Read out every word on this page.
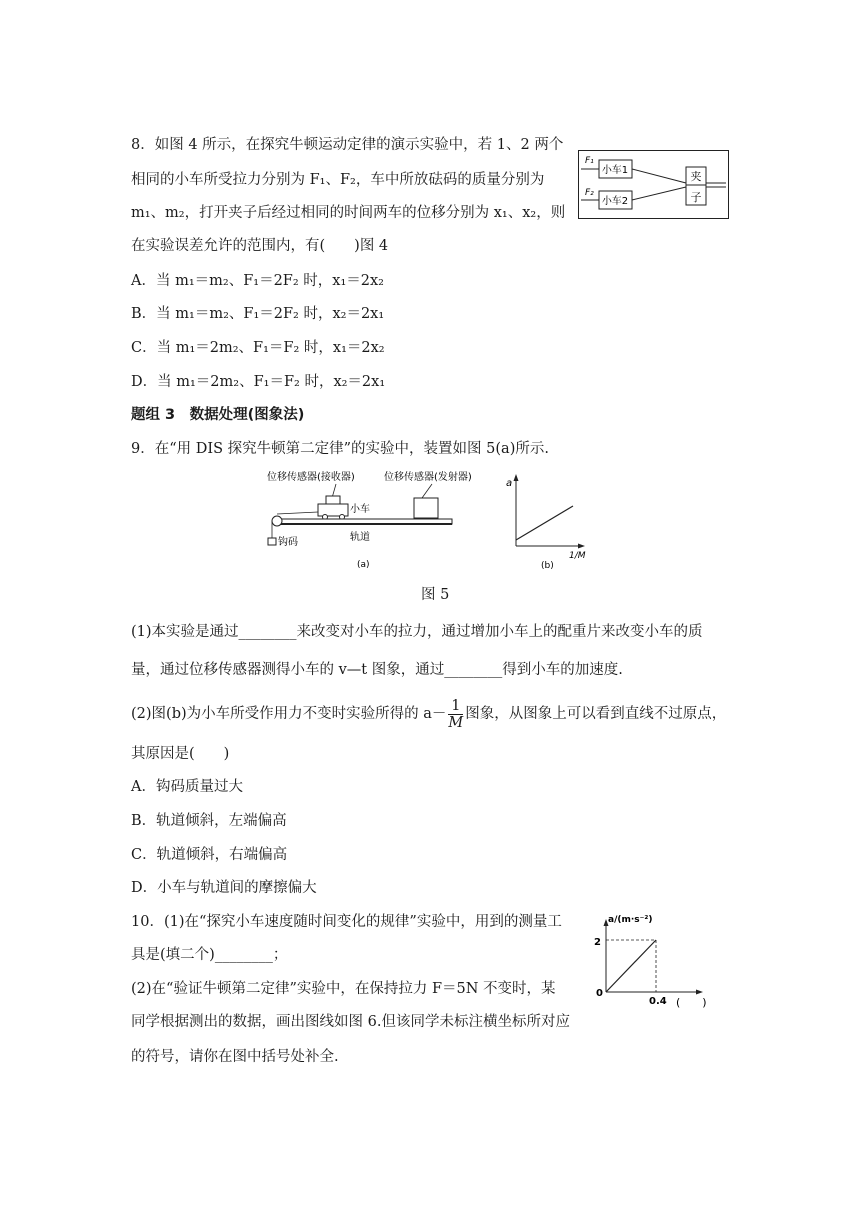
8．如图 4 所示，在探究牛顿运动定律的演示实验中，若 1、2 两个
相同的小车所受拉力分别为 F₁、F₂，车中所放砝码的质量分别为
m₁、m₂，打开夹子后经过相同的时间两车的位移分别为 x₁、x₂，则
在实验误差允许的范围内，有(　　)图 4
F₁
小车1
F₂
小车2
夹
子
A．当 m₁＝m₂、F₁＝2F₂ 时，x₁＝2x₂
B．当 m₁＝m₂、F₁＝2F₂ 时，x₂＝2x₁
C．当 m₁＝2m₂、F₁＝F₂ 时，x₁＝2x₂
D．当 m₁＝2m₂、F₁＝F₂ 时，x₂＝2x₁
题组 3　数据处理(图象法)
9．在“用 DIS 探究牛顿第二定律”的实验中，装置如图 5(a)所示.
位移传感器(接收器)	位移传感器(发射器)
小车
钩码	轨道
(a)
a
1/M
(b)
图 5
(1)本实验是通过________来改变对小车的拉力，通过增加小车上的配重片来改变小车的质
量，通过位移传感器测得小车的 v—t 图象，通过________得到小车的加速度.
(2)图(b)为小车所受作用力不变时实验所得的 $a- \frac{1}{M}$ 图象，从图象上可以看到直线不过原点，
其原因是(　　)
A．钩码质量过大
B．轨道倾斜，左端偏高
C．轨道倾斜，右端偏高
D．小车与轨道间的摩擦偏大
10．(1)在“探究小车速度随时间变化的规律”实验中，用到的测量工
具是(填二个)________；
(2)在“验证牛顿第二定律”实验中，在保持拉力 F＝5N 不变时，某
同学根据测出的数据，画出图线如图 6.但该同学未标注横坐标所对应
的符号，请你在图中括号处补全.
a/(m·s⁻²)
2
0
0.4 (　　)
